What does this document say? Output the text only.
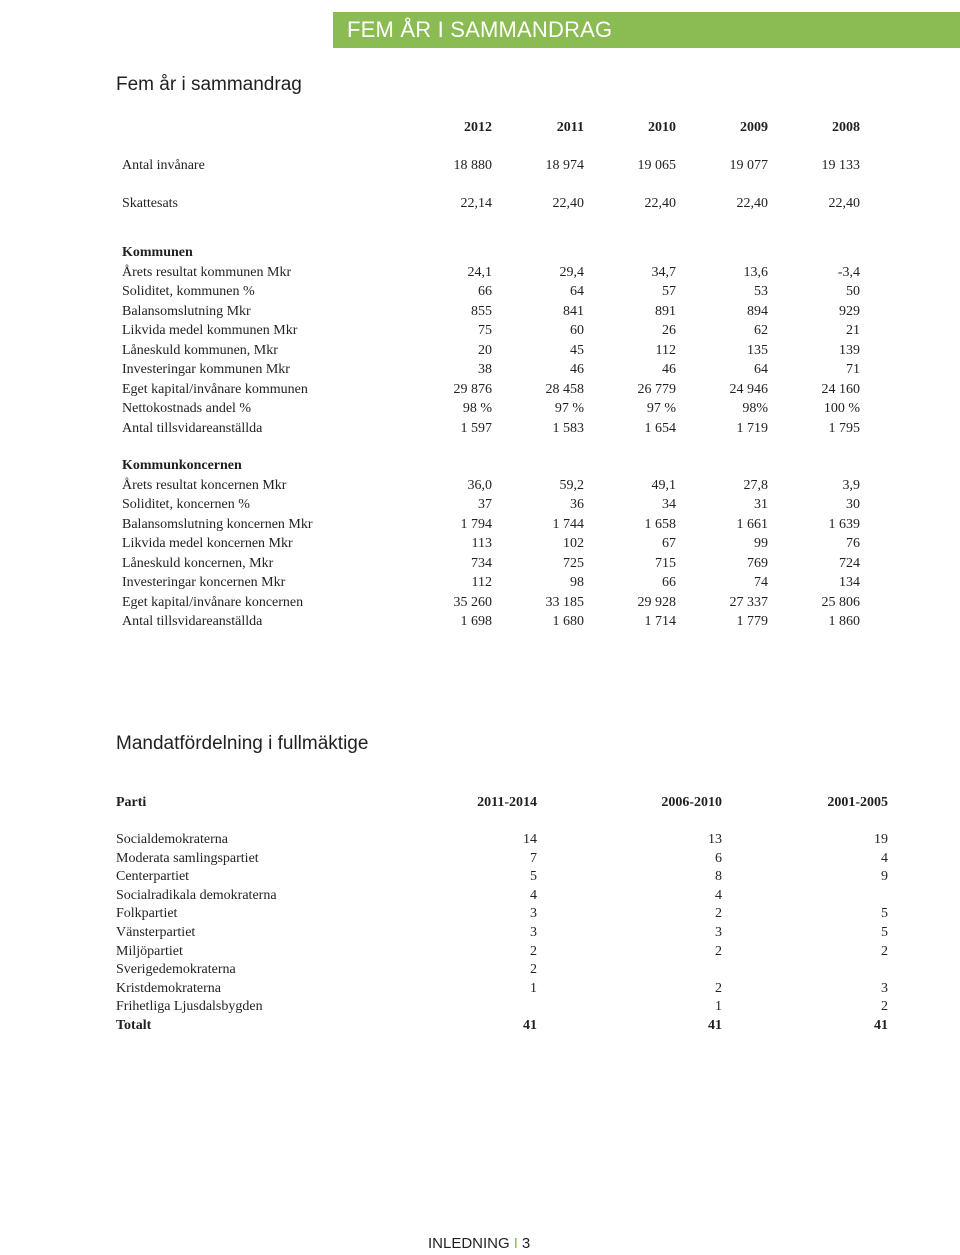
FEM ÅR I SAMMANDRAG
Fem år i sammandrag
	2012	2011	2010	2009	2008

Antal invånare	18 880	18 974	19 065	19 077	19 133

Skattesats	22,14	22,40	22,40	22,40	22,40

Kommunen					
Årets resultat kommunen Mkr	24,1	29,4	34,7	13,6	-3,4
Soliditet, kommunen %	66	64	57	53	50
Balansomslutning Mkr	855	841	891	894	929
Likvida medel kommunen Mkr	75	60	26	62	21
Låneskuld kommunen, Mkr	20	45	112	135	139
Investeringar kommunen Mkr	38	46	46	64	71
Eget kapital/invånare kommunen	29 876	28 458	26 779	24 946	24 160
Nettokostnads andel %	98 %	97 %	97 %	98%	100 %
Antal tillsvidareanställda	1 597	1 583	1 654	1 719	1 795

Kommunkoncernen					
Årets resultat koncernen Mkr	36,0	59,2	49,1	27,8	3,9
Soliditet, koncernen %	37	36	34	31	30
Balansomslutning koncernen Mkr	1 794	1 744	1 658	1 661	1 639
Likvida medel koncernen Mkr	113	102	67	99	76
Låneskuld koncernen, Mkr	734	725	715	769	724
Investeringar koncernen Mkr	112	98	66	74	134
Eget kapital/invånare koncernen	35 260	33 185	29 928	27 337	25 806
Antal tillsvidareanställda	1 698	1 680	1 714	1 779	1 860
Mandatfördelning i fullmäktige
Parti	2011-2014	2006-2010	2001-2005

Socialdemokraterna	14	13	19
Moderata samlingspartiet	7	6	4
Centerpartiet	5	8	9
Socialradikala demokraterna	4	4	
Folkpartiet	3	2	5
Vänsterpartiet	3	3	5
Miljöpartiet	2	2	2
Sverigedemokraterna	2		
Kristdemokraterna	1	2	3
Frihetliga Ljusdalsbygden		1	2
Totalt	41	41	41

INLEDNING I 3
